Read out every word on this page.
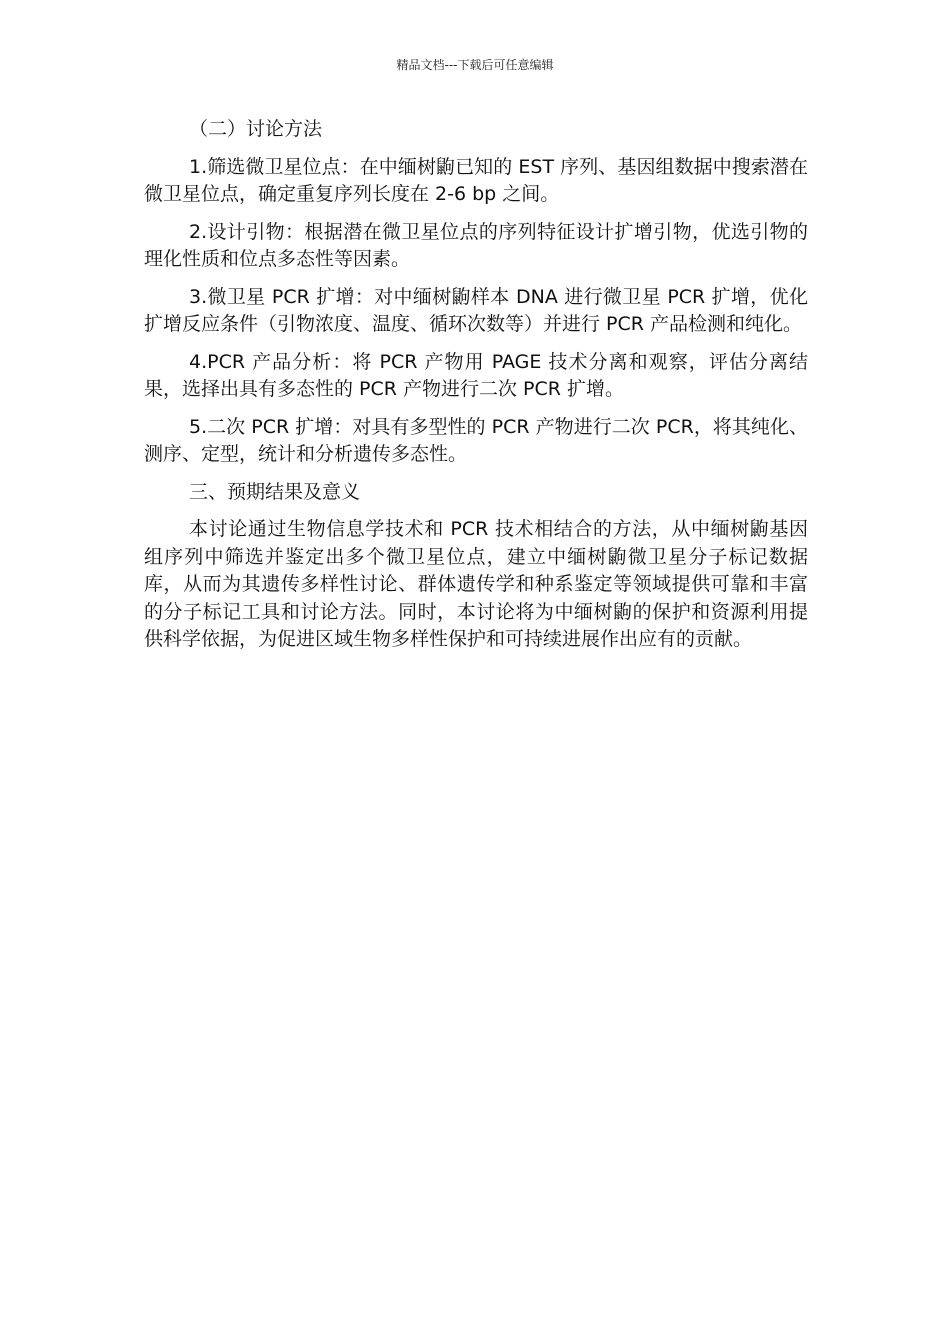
精品文档---下载后可任意编辑

（二）讨论方法

1.筛选微卫星位点：在中缅树鼩已知的 EST 序列、基因组数据中搜索潜在微卫星位点，确定重复序列长度在 2-6 bp 之间。

2.设计引物：根据潜在微卫星位点的序列特征设计扩增引物，优选引物的理化性质和位点多态性等因素。

3.微卫星 PCR 扩增：对中缅树鼩样本 DNA 进行微卫星 PCR 扩增，优化扩增反应条件（引物浓度、温度、循环次数等）并进行 PCR 产品检测和纯化。

4.PCR 产品分析：将 PCR 产物用 PAGE 技术分离和观察，评估分离结果，选择出具有多态性的 PCR 产物进行二次 PCR 扩增。

5.二次 PCR 扩增：对具有多型性的 PCR 产物进行二次 PCR，将其纯化、测序、定型，统计和分析遗传多态性。

三、预期结果及意义

本讨论通过生物信息学技术和 PCR 技术相结合的方法，从中缅树鼩基因组序列中筛选并鉴定出多个微卫星位点，建立中缅树鼩微卫星分子标记数据库，从而为其遗传多样性讨论、群体遗传学和种系鉴定等领域提供可靠和丰富的分子标记工具和讨论方法。同时，本讨论将为中缅树鼩的保护和资源利用提供科学依据，为促进区域生物多样性保护和可持续进展作出应有的贡献。
